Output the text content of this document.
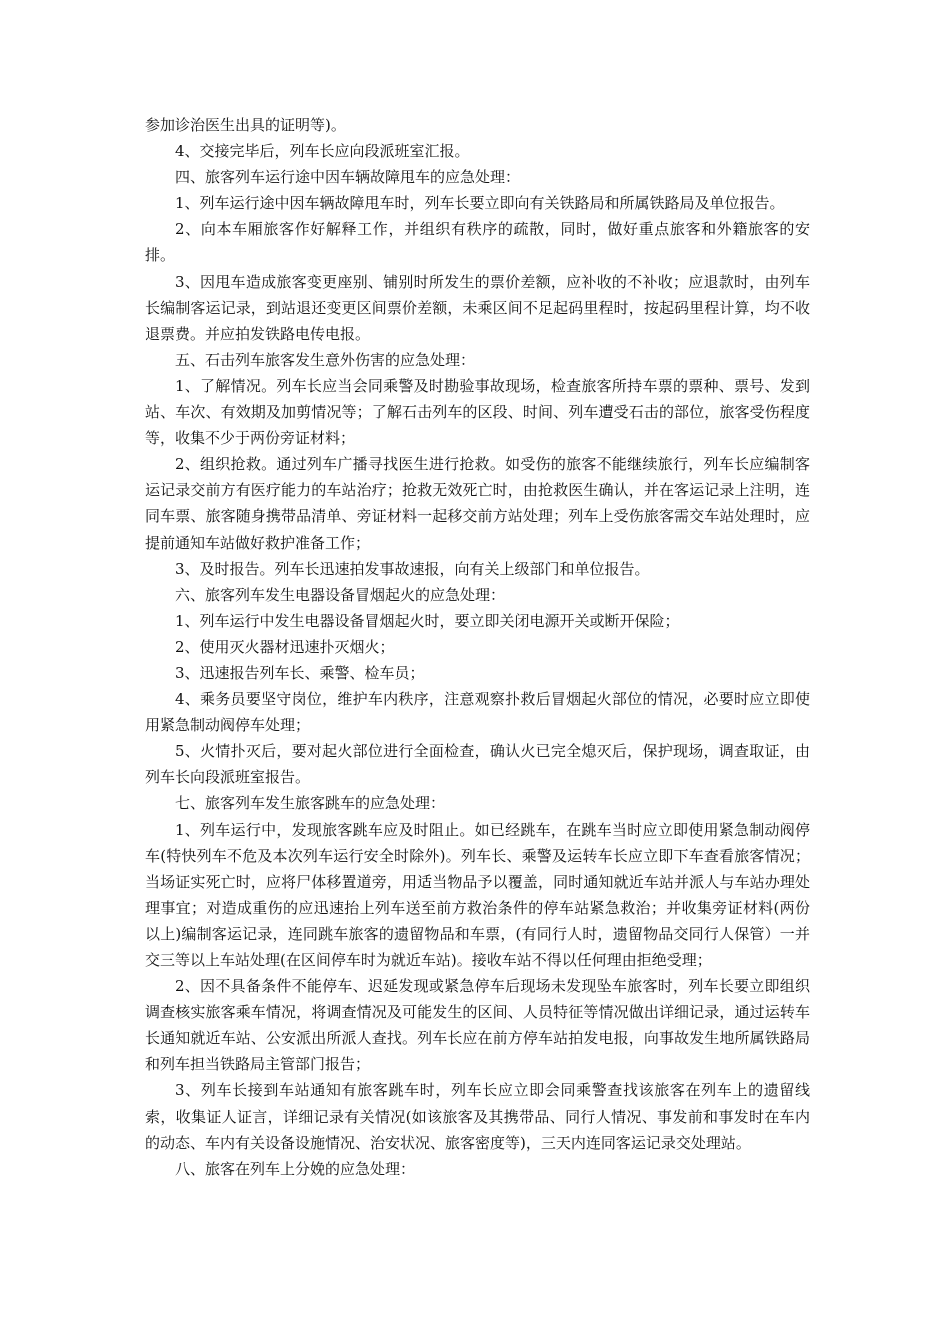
参加诊治医生出具的证明等)。

4、交接完毕后，列车长应向段派班室汇报。

四、旅客列车运行途中因车辆故障甩车的应急处理：

1、列车运行途中因车辆故障甩车时，列车长要立即向有关铁路局和所属铁路局及单位报告。

2、向本车厢旅客作好解释工作，并组织有秩序的疏散，同时，做好重点旅客和外籍旅客的安排。

3、因甩车造成旅客变更座别、铺别时所发生的票价差额，应补收的不补收；应退款时，由列车长编制客运记录，到站退还变更区间票价差额，未乘区间不足起码里程时，按起码里程计算，均不收退票费。并应拍发铁路电传电报。

五、石击列车旅客发生意外伤害的应急处理：

1、了解情况。列车长应当会同乘警及时勘验事故现场，检查旅客所持车票的票种、票号、发到站、车次、有效期及加剪情况等；了解石击列车的区段、时间、列车遭受石击的部位，旅客受伤程度等，收集不少于两份旁证材料；

2、组织抢救。通过列车广播寻找医生进行抢救。如受伤的旅客不能继续旅行，列车长应编制客运记录交前方有医疗能力的车站治疗；抢救无效死亡时，由抢救医生确认，并在客运记录上注明，连同车票、旅客随身携带品清单、旁证材料一起移交前方站处理；列车上受伤旅客需交车站处理时，应提前通知车站做好救护准备工作；

3、及时报告。列车长迅速拍发事故速报，向有关上级部门和单位报告。

六、旅客列车发生电器设备冒烟起火的应急处理：

1、列车运行中发生电器设备冒烟起火时，要立即关闭电源开关或断开保险；

2、使用灭火器材迅速扑灭烟火；

3、迅速报告列车长、乘警、检车员；

4、乘务员要坚守岗位，维护车内秩序，注意观察扑救后冒烟起火部位的情况，必要时应立即使用紧急制动阀停车处理；

5、火情扑灭后，要对起火部位进行全面检查，确认火已完全熄灭后，保护现场，调查取证，由列车长向段派班室报告。

七、旅客列车发生旅客跳车的应急处理：

1、列车运行中，发现旅客跳车应及时阻止。如已经跳车，在跳车当时应立即使用紧急制动阀停车(特快列车不危及本次列车运行安全时除外)。列车长、乘警及运转车长应立即下车查看旅客情况；当场证实死亡时，应将尸体移置道旁，用适当物品予以覆盖，同时通知就近车站并派人与车站办理处理事宜；对造成重伤的应迅速抬上列车送至前方救治条件的停车站紧急救治；并收集旁证材料(两份以上)编制客运记录，连同跳车旅客的遗留物品和车票，(有同行人时，遗留物品交同行人保管）一并交三等以上车站处理(在区间停车时为就近车站)。接收车站不得以任何理由拒绝受理；

2、因不具备条件不能停车、迟延发现或紧急停车后现场未发现坠车旅客时，列车长要立即组织调查核实旅客乘车情况，将调查情况及可能发生的区间、人员特征等情况做出详细记录，通过运转车长通知就近车站、公安派出所派人查找。列车长应在前方停车站拍发电报，向事故发生地所属铁路局和列车担当铁路局主管部门报告；

3、列车长接到车站通知有旅客跳车时，列车长应立即会同乘警查找该旅客在列车上的遗留线索，收集证人证言，详细记录有关情况(如该旅客及其携带品、同行人情况、事发前和事发时在车内的动态、车内有关设备设施情况、治安状况、旅客密度等)，三天内连同客运记录交处理站。

八、旅客在列车上分娩的应急处理：
